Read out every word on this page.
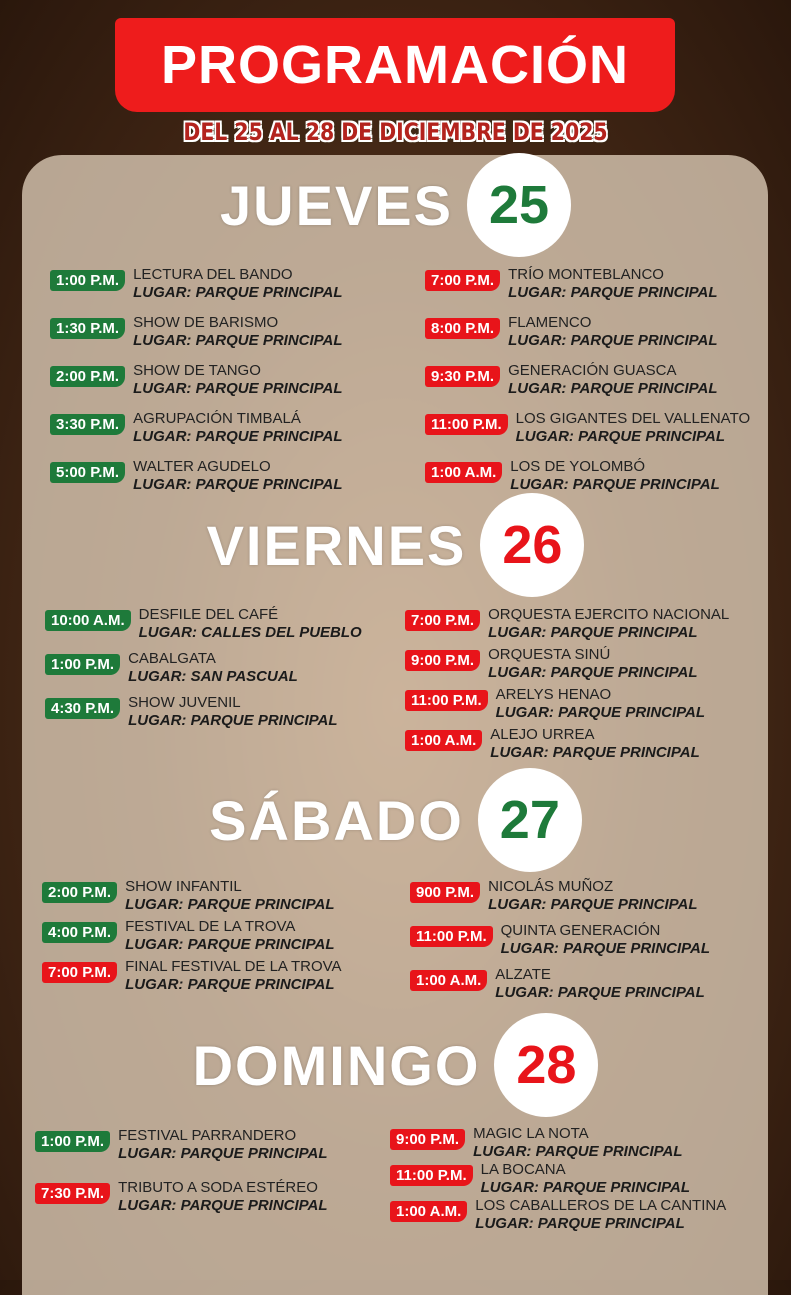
PROGRAMACIÓN
DEL 25 AL 28 DE DICIEMBRE DE 2025
JUEVES 25
1:00 P.M. LECTURA DEL BANDO
LUGAR: PARQUE PRINCIPAL
1:30 P.M. SHOW DE BARISMO
LUGAR: PARQUE PRINCIPAL
2:00 P.M. SHOW DE TANGO
LUGAR: PARQUE PRINCIPAL
3:30 P.M. AGRUPACIÓN TIMBALÁ
LUGAR: PARQUE PRINCIPAL
5:00 P.M. WALTER AGUDELO
LUGAR: PARQUE PRINCIPAL
7:00 P.M. TRÍO MONTEBLANCO
LUGAR: PARQUE PRINCIPAL
8:00 P.M. FLAMENCO
LUGAR: PARQUE PRINCIPAL
9:30 P.M. GENERACIÓN GUASCA
LUGAR: PARQUE PRINCIPAL
11:00 P.M. LOS GIGANTES DEL VALLENATO
LUGAR: PARQUE PRINCIPAL
1:00 A.M. LOS DE YOLOMBÓ
LUGAR: PARQUE PRINCIPAL
VIERNES 26
10:00 A.M. DESFILE DEL CAFÉ
LUGAR: CALLES DEL PUEBLO
1:00 P.M. CABALGATA
LUGAR: SAN PASCUAL
4:30 P.M. SHOW JUVENIL
LUGAR: PARQUE PRINCIPAL
7:00 P.M. ORQUESTA EJERCITO NACIONAL
LUGAR: PARQUE PRINCIPAL
9:00 P.M. ORQUESTA SINÚ
LUGAR: PARQUE PRINCIPAL
11:00 P.M. ARELYS HENAO
LUGAR: PARQUE PRINCIPAL
1:00 A.M. ALEJO URREA
LUGAR: PARQUE PRINCIPAL
SÁBADO 27
2:00 P.M. SHOW INFANTIL
LUGAR: PARQUE PRINCIPAL
4:00 P.M. FESTIVAL DE LA TROVA
LUGAR: PARQUE PRINCIPAL
7:00 P.M. FINAL FESTIVAL DE LA TROVA
LUGAR: PARQUE PRINCIPAL
900 P.M. NICOLÁS MUÑOZ
LUGAR: PARQUE PRINCIPAL
11:00 P.M. QUINTA GENERACIÓN
LUGAR: PARQUE PRINCIPAL
1:00 A.M. ALZATE
LUGAR: PARQUE PRINCIPAL
DOMINGO 28
1:00 P.M. FESTIVAL PARRANDERO
LUGAR: PARQUE PRINCIPAL
7:30 P.M. TRIBUTO A SODA ESTÉREO
LUGAR: PARQUE PRINCIPAL
9:00 P.M. MAGIC LA NOTA
LUGAR: PARQUE PRINCIPAL
11:00 P.M. LA BOCANA
LUGAR: PARQUE PRINCIPAL
1:00 A.M. LOS CABALLEROS DE LA CANTINA
LUGAR: PARQUE PRINCIPAL
